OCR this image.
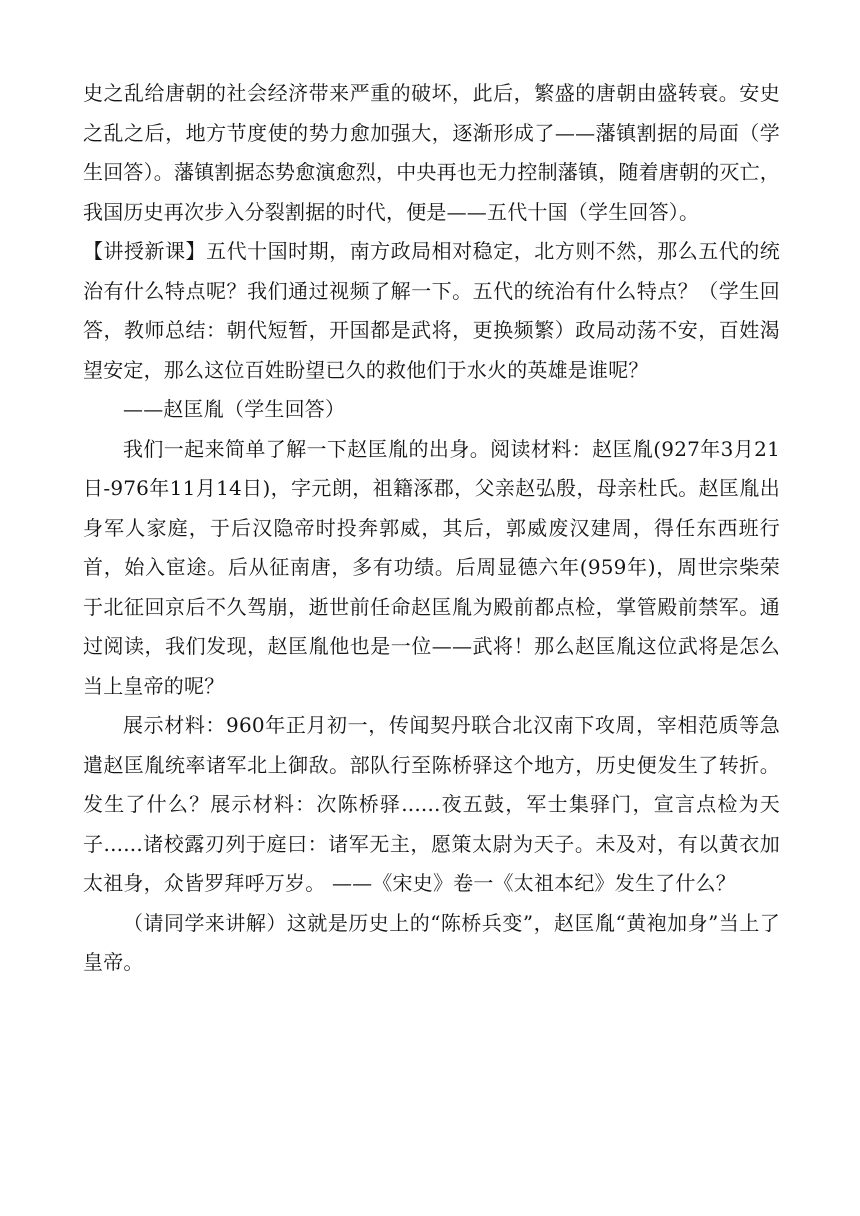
史之乱给唐朝的社会经济带来严重的破坏，此后，繁盛的唐朝由盛转衰。安史之乱之后，地方节度使的势力愈加强大，逐渐形成了——藩镇割据的局面（学生回答）。藩镇割据态势愈演愈烈，中央再也无力控制藩镇，随着唐朝的灭亡，我国历史再次步入分裂割据的时代，便是——五代十国（学生回答）。

【讲授新课】五代十国时期，南方政局相对稳定，北方则不然，那么五代的统治有什么特点呢？我们通过视频了解一下。五代的统治有什么特点？（学生回答，教师总结：朝代短暂，开国都是武将，更换频繁）政局动荡不安，百姓渴望安定，那么这位百姓盼望已久的救他们于水火的英雄是谁呢？

——赵匡胤（学生回答）

我们一起来简单了解一下赵匡胤的出身。阅读材料：赵匡胤(927年3月21日-976年11月14日)，字元朗，祖籍涿郡，父亲赵弘殷，母亲杜氏。赵匡胤出身军人家庭，于后汉隐帝时投奔郭威，其后，郭威废汉建周，得任东西班行首，始入宦途。后从征南唐，多有功绩。后周显德六年(959年)，周世宗柴荣于北征回京后不久驾崩，逝世前任命赵匡胤为殿前都点检，掌管殿前禁军。通过阅读，我们发现，赵匡胤他也是一位——武将！那么赵匡胤这位武将是怎么当上皇帝的呢？

展示材料：960年正月初一，传闻契丹联合北汉南下攻周，宰相范质等急遣赵匡胤统率诸军北上御敌。部队行至陈桥驿这个地方，历史便发生了转折。发生了什么？展示材料：次陈桥驿......夜五鼓，军士集驿门，宣言点检为天子......诸校露刃列于庭曰：诸军无主，愿策太尉为天子。未及对，有以黄衣加太祖身，众皆罗拜呼万岁。 ——《宋史》卷一《太祖本纪》发生了什么？

（请同学来讲解）这就是历史上的“陈桥兵变”，赵匡胤“黄袍加身”当上了皇帝。
